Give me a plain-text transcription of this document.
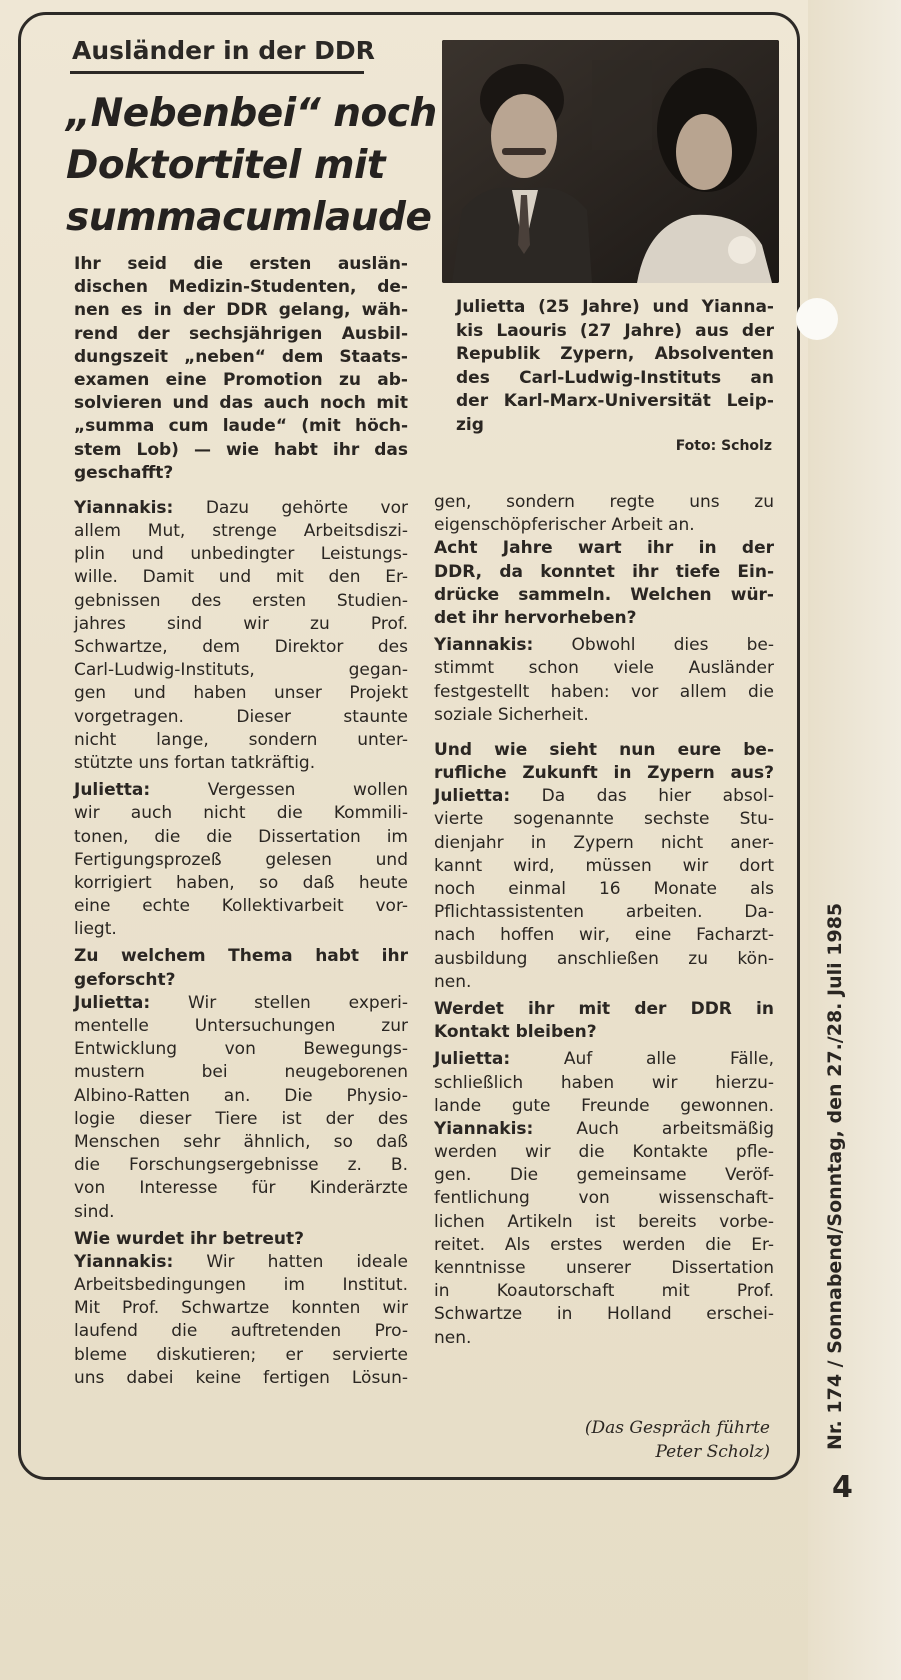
Ausländer in der DDR
„Nebenbei“ noch
Doktortitel mit
summacumlaude

Julietta (25 Jahre) und Yianna-

kis Laouris (27 Jahre) aus der

Republik Zypern, Absolventen

des Carl-Ludwig-Instituts an

der Karl-Marx-Universität Leip-

zig

Foto: Scholz

Ihr seid die ersten auslän-

dischen Medizin-Studenten, de-

nen es in der DDR gelang, wäh-

rend der sechsjährigen Ausbil-

dungszeit „neben“ dem Staats-

examen eine Promotion zu ab-

solvieren und das auch noch mit

„summa cum laude“ (mit höch-

stem Lob) — wie habt ihr das

geschafft?

Yiannakis: Dazu gehörte vor

allem Mut, strenge Arbeitsdiszi-

plin und unbedingter Leistungs-

wille. Damit und mit den Er-

gebnissen des ersten Studien-

jahres sind wir zu Prof.

Schwartze, dem Direktor des

Carl-Ludwig-Instituts, gegan-

gen und haben unser Projekt

vorgetragen. Dieser staunte

nicht lange, sondern unter-

stützte uns fortan tatkräftig.

Julietta: Vergessen wollen

wir auch nicht die Kommili-

tonen, die die Dissertation im

Fertigungsprozeß gelesen und

korrigiert haben, so daß heute

eine echte Kollektivarbeit vor-

liegt.

Zu welchem Thema habt ihr

geforscht?

Julietta: Wir stellen experi-

mentelle Untersuchungen zur

Entwicklung von Bewegungs-

mustern bei neugeborenen

Albino-Ratten an. Die Physio-

logie dieser Tiere ist der des

Menschen sehr ähnlich, so daß

die Forschungsergebnisse z. B.

von Interesse für Kinderärzte

sind.

Wie wurdet ihr betreut?

Yiannakis: Wir hatten ideale

Arbeitsbedingungen im Institut.

Mit Prof. Schwartze konnten wir

laufend die auftretenden Pro-

bleme diskutieren; er servierte

uns dabei keine fertigen Lösun-

gen, sondern regte uns zu

eigenschöpferischer Arbeit an.

Acht Jahre wart ihr in der

DDR, da konntet ihr tiefe Ein-

drücke sammeln. Welchen wür-

det ihr hervorheben?

Yiannakis: Obwohl dies be-

stimmt schon viele Ausländer

festgestellt haben: vor allem die

soziale Sicherheit.

Und wie sieht nun eure be-

rufliche Zukunft in Zypern aus?

Julietta: Da das hier absol-

vierte sogenannte sechste Stu-

dienjahr in Zypern nicht aner-

kannt wird, müssen wir dort

noch einmal 16 Monate als

Pflichtassistenten arbeiten. Da-

nach hoffen wir, eine Facharzt-

ausbildung anschließen zu kön-

nen.

Werdet ihr mit der DDR in

Kontakt bleiben?

Julietta: Auf alle Fälle,

schließlich haben wir hierzu-

lande gute Freunde gewonnen.

Yiannakis: Auch arbeitsmäßig

werden wir die Kontakte pfle-

gen. Die gemeinsame Veröf-

fentlichung von wissenschaft-

lichen Artikeln ist bereits vorbe-

reitet. Als erstes werden die Er-

kenntnisse unserer Dissertation

in Koautorschaft mit Prof.

Schwartze in Holland erschei-

nen.

(Das Gespräch führte
Peter Scholz)
Nr. 174 / Sonnabend/Sonntag, den 27./28. Juli 1985
4
